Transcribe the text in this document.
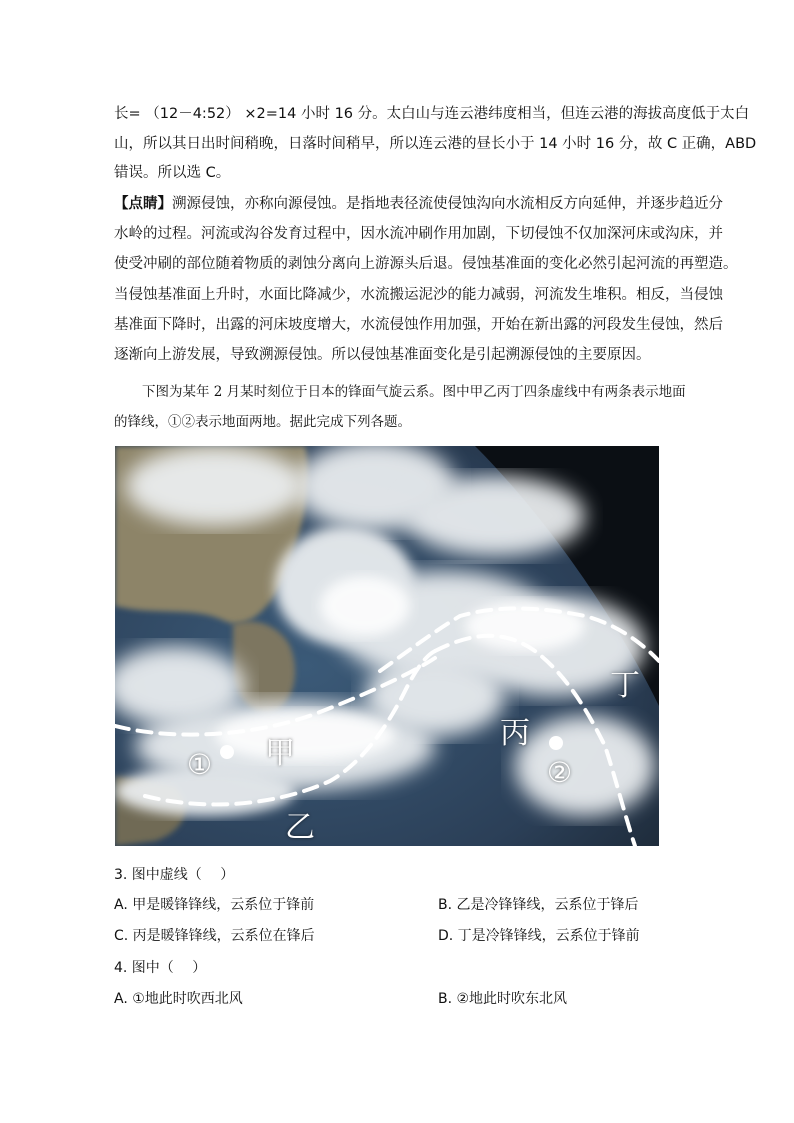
长= （12－4:52） ×2=14 小时 16 分。太白山与连云港纬度相当，但连云港的海拔高度低于太白
山，所以其日出时间稍晚，日落时间稍早，所以连云港的昼长小于 14 小时 16 分，故 C 正确，ABD
错误。所以选 C。
【点睛】溯源侵蚀，亦称向源侵蚀。是指地表径流使侵蚀沟向水流相反方向延伸，并逐步趋近分
水岭的过程。河流或沟谷发育过程中，因水流冲刷作用加剧，下切侵蚀不仅加深河床或沟床，并
使受冲刷的部位随着物质的剥蚀分离向上游源头后退。侵蚀基准面的变化必然引起河流的再塑造。
当侵蚀基准面上升时，水面比降减少，水流搬运泥沙的能力减弱，河流发生堆积。相反，当侵蚀
基准面下降时，出露的河床坡度增大，水流侵蚀作用加强，开始在新出露的河段发生侵蚀，然后
逐渐向上游发展，导致溯源侵蚀。所以侵蚀基准面变化是引起溯源侵蚀的主要原因。
下图为某年 2 月某时刻位于日本的锋面气旋云系。图中甲乙丙丁四条虚线中有两条表示地面
的锋线，①②表示地面两地。据此完成下列各题。
甲
乙
丙
丁
①	②
3. 图中虚线（　 ）
A. 甲是暖锋锋线，云系位于锋前	B. 乙是冷锋锋线，云系位于锋后
C. 丙是暖锋锋线，云系位在锋后	D. 丁是冷锋锋线，云系位于锋前
4. 图中（　 ）
A. ①地此时吹西北风	B. ②地此时吹东北风
